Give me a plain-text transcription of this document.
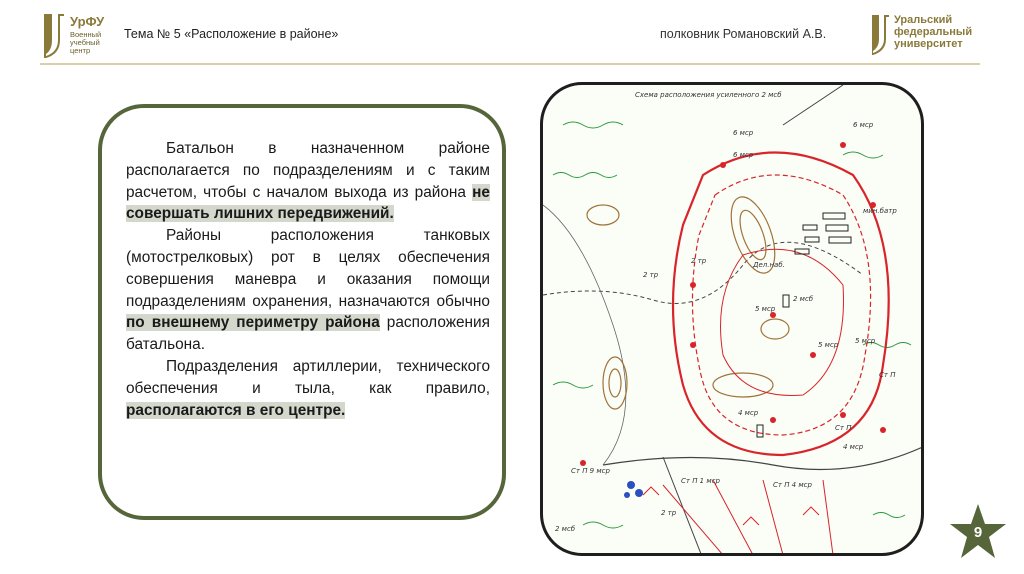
УрФУ
Военный учебный центр
Тема № 5 «Расположение в районе»	полковник Романовский А.В.
Уральский
федеральный
университет

Батальон в назначенном районе располагается по подразделениям и с таким расчетом, чтобы с началом выхода из района не совершать лишних передвижений.

Районы расположения танковых (мотострелковых) рот в целях обеспечения совершения маневра и оказания помощи подразделениям охранения, назначаются обычно по внешнему периметру района расположения батальона.

Подразделения артиллерии, технического обеспечения и тыла, как правило, располагаются в его центре.

Схема расположения усиленного 2 мсб
6 мср
6 мср
мин.батр
2 тр
2 тр
Дел.наб.
2 мсб
5 мср
5 мср 5 мср
4 мср
4 мср
Ст П
Ст П
Ст П 9 мср
Ст П 4 мср
Ст П 1 мср
2 тр
2 мсб
6 мср
9
